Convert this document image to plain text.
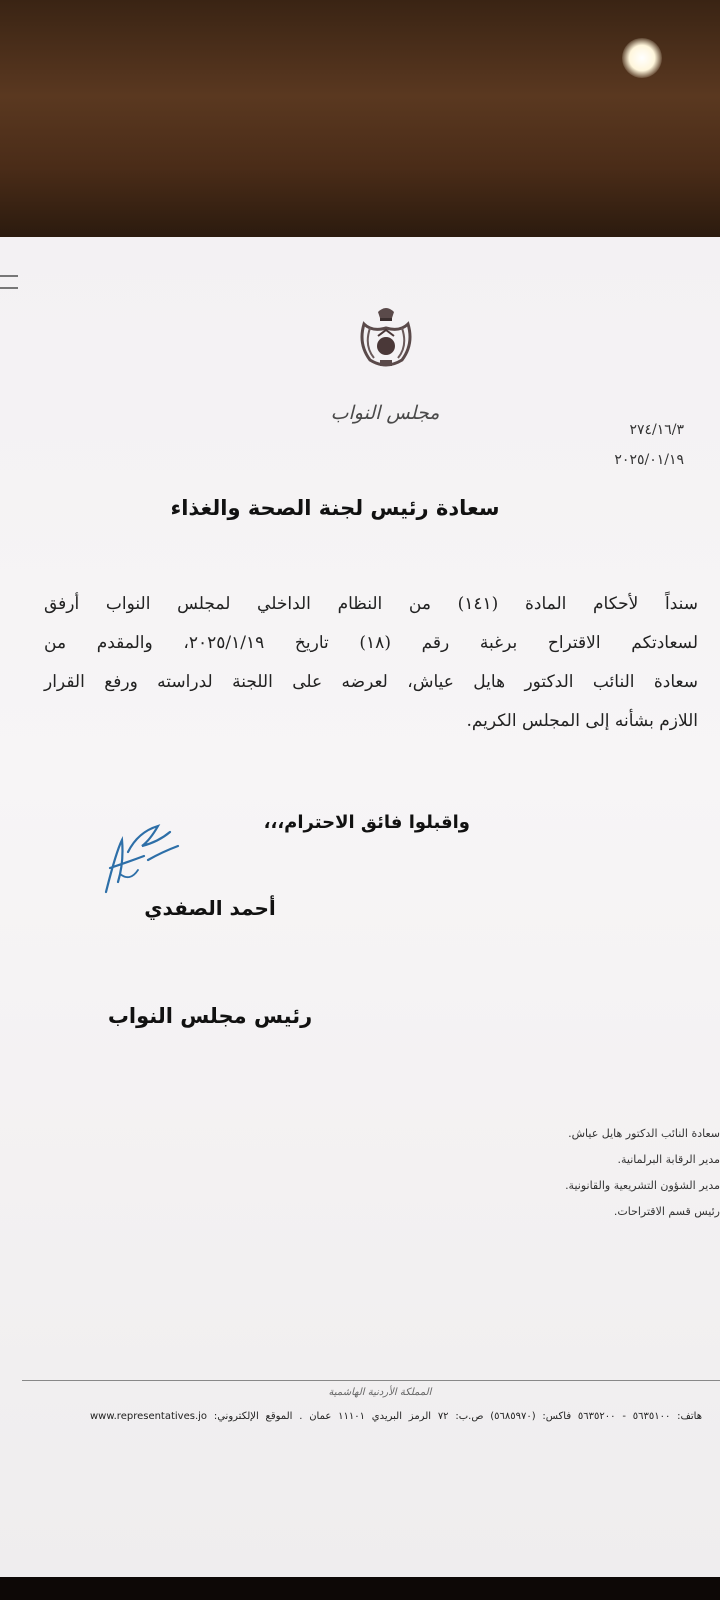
مجلس النواب
٢٧٤/١٦/٣
٢٠٢٥/٠١/١٩
سعادة رئيس لجنة الصحة والغذاء
سنداً لأحكام المادة (١٤١) من النظام الداخلي لمجلس النواب أرفق
لسعادتكم الاقتراح برغبة رقم (١٨) تاريخ ٢٠٢٥/١/١٩، والمقدم من
سعادة النائب الدكتور هايل عياش، لعرضه على اللجنة لدراسته ورفع القرار
اللازم بشأنه إلى المجلس الكريم.
واقبلوا فائق الاحترام،،،
أحمد الصفدي
رئيس مجلس النواب
سعادة النائب الدكتور هايل عياش.
مدير الرقابة البرلمانية.
مدير الشؤون التشريعية والقانونية.
رئيس قسم الاقتراحات.
المملكة الأردنية الهاشمية
هاتف: ٥٦٣٥١٠٠ - ٥٦٣٥٢٠٠ فاكس: (٥٦٨٥٩٧٠) ص.ب: ٧٢ الرمز البريدي ١١١٠١ عمان . الموقع الإلكتروني: www.representatives.jo
